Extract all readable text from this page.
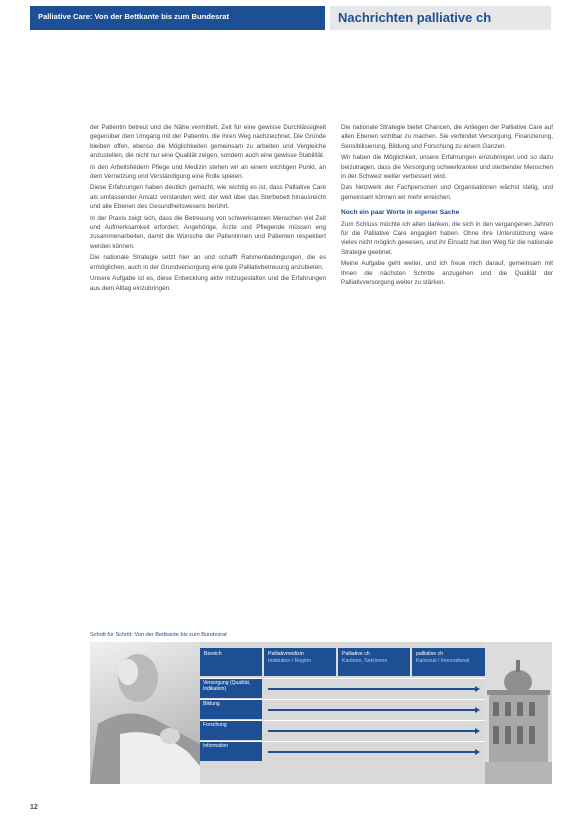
Palliative Care: Von der Bettkante bis zum Bundesrat	Nachrichten palliative ch

der Patientin betreut und die Nähe vermittelt. Zeit für eine gewisse Durchlässigkeit gegenüber dem Umgang mit der Patientin, die ihren Weg nachzeichnet. Die Gründe bleiben offen, ebenso die Möglichkeiten gemeinsam zu arbeiten und Vergleiche anzustellen, die nicht nur eine Qualität zeigen, sondern auch eine gewisse Stabilität.

In den Arbeitsfeldern Pflege und Medizin stehen wir an einem wichtigen Punkt, an dem Vernetzung und Verständigung eine Rolle spielen.

Diese Erfahrungen haben deutlich gemacht, wie wichtig es ist, dass Palliative Care als umfassender Ansatz verstanden wird, der weit über das Sterbebett hinausreicht und alle Ebenen des Gesundheitswesens berührt.

In der Praxis zeigt sich, dass die Betreuung von schwerkranken Menschen viel Zeit und Aufmerksamkeit erfordert. Angehörige, Ärzte und Pflegende müssen eng zusammenarbeiten, damit die Wünsche der Patientinnen und Patienten respektiert werden können.

Die nationale Strategie setzt hier an und schafft Rahmenbedingungen, die es ermöglichen, auch in der Grundversorgung eine gute Palliativbetreuung anzubieten.

Unsere Aufgabe ist es, diese Entwicklung aktiv mitzugestalten und die Erfahrungen aus dem Alltag einzubringen.

Die nationale Strategie bietet Chancen, die Anliegen der Palliative Care auf allen Ebenen sichtbar zu machen. Sie verbindet Versorgung, Finanzierung, Sensibilisierung, Bildung und Forschung zu einem Ganzen.

Wir haben die Möglichkeit, unsere Erfahrungen einzubringen und so dazu beizutragen, dass die Versorgung schwerkranker und sterbender Menschen in der Schweiz weiter verbessert wird.

Das Netzwerk der Fachpersonen und Organisationen wächst stetig, und gemeinsam können wir mehr erreichen.

Noch ein paar Worte in eigener Sache

Zum Schluss möchte ich allen danken, die sich in den vergangenen Jahren für die Palliative Care engagiert haben. Ohne ihre Unterstützung wäre vieles nicht möglich gewesen, und ihr Einsatz hat den Weg für die nationale Strategie geebnet.

Meine Aufgabe geht weiter, und ich freue mich darauf, gemeinsam mit Ihnen die nächsten Schritte anzugehen und die Qualität der Palliativversorgung weiter zu stärken.

Schritt für Schritt: Von der Bettkante bis zum Bundesrat
Bereich	Palliativmedizin
Institution / Region
Palliative ch
Kantone, Sektionen
palliative ch
Kantonal / International
Versorgung (Qualität, Indikation)
Bildung
Forschung
Information
12
